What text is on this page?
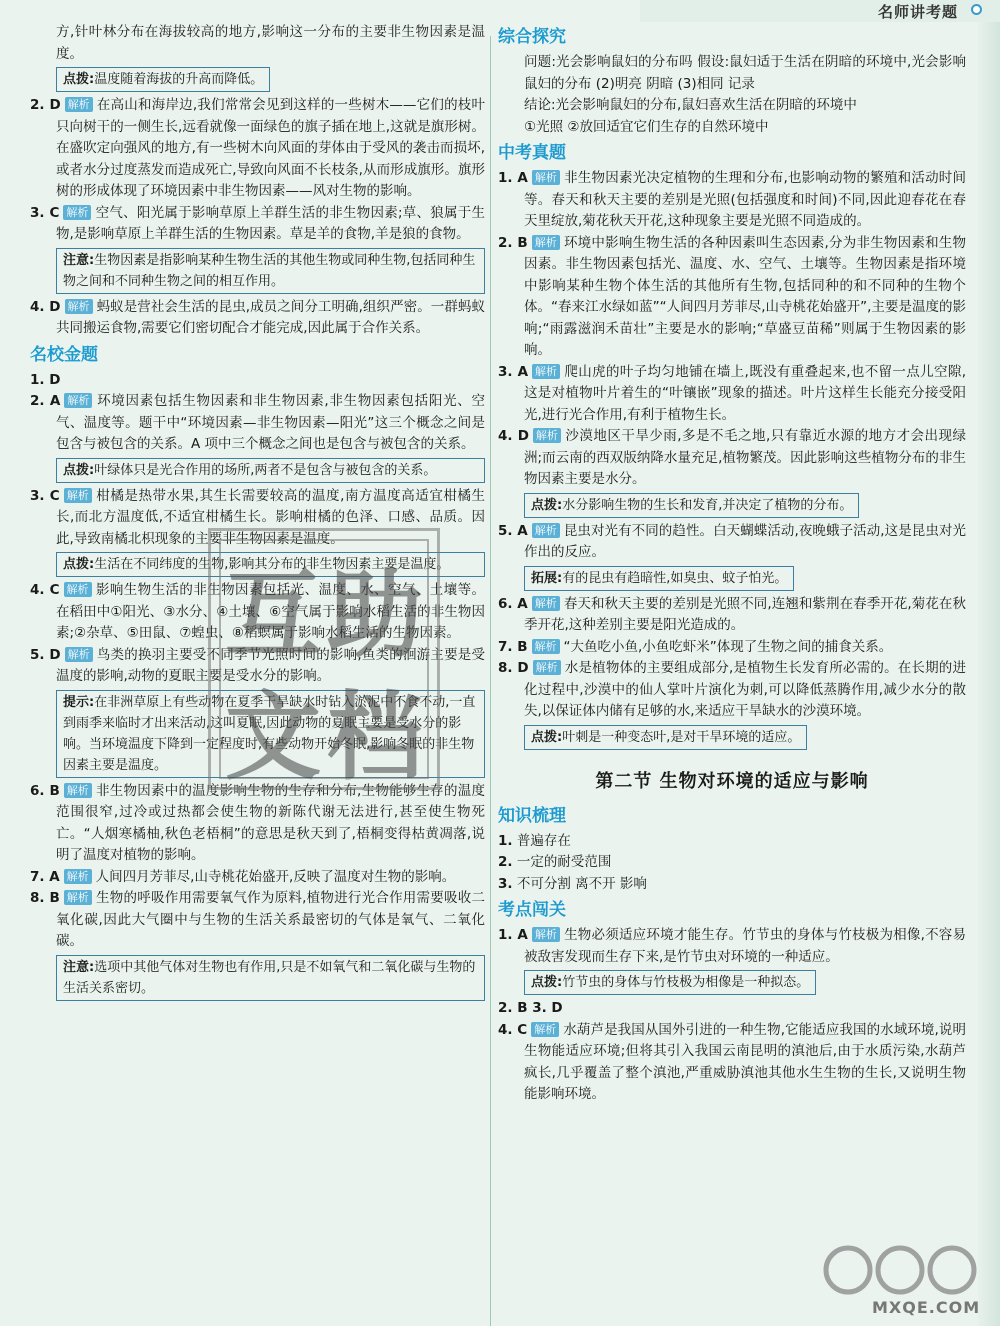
名师讲考题

方,针叶林分布在海拔较高的地方,影响这一分布的主要非生物因素是温度。

点拨:温度随着海拔的升高而降低。

2. D 解析 在高山和海岸边,我们常常会见到这样的一些树木——它们的枝叶只向树干的一侧生长,远看就像一面绿色的旗子插在地上,这就是旗形树。在盛吹定向强风的地方,有一些树木向风面的芽体由于受风的袭击而损坏,或者水分过度蒸发而造成死亡,导致向风面不长枝条,从而形成旗形。旗形树的形成体现了环境因素中非生物因素——风对生物的影响。

3. C 解析 空气、阳光属于影响草原上羊群生活的非生物因素;草、狼属于生物,是影响草原上羊群生活的生物因素。草是羊的食物,羊是狼的食物。

注意:生物因素是指影响某种生物生活的其他生物或同种生物,包括同种生物之间和不同种生物之间的相互作用。

4. D 解析 蚂蚁是营社会生活的昆虫,成员之间分工明确,组织严密。一群蚂蚁共同搬运食物,需要它们密切配合才能完成,因此属于合作关系。

名校金题

1. D

2. A 解析 环境因素包括生物因素和非生物因素,非生物因素包括阳光、空气、温度等。题干中“环境因素—非生物因素—阳光”这三个概念之间是包含与被包含的关系。A 项中三个概念之间也是包含与被包含的关系。

点拨:叶绿体只是光合作用的场所,两者不是包含与被包含的关系。

3. C 解析 柑橘是热带水果,其生长需要较高的温度,南方温度高适宜柑橘生长,而北方温度低,不适宜柑橘生长。影响柑橘的色泽、口感、品质。因此,导致南橘北枳现象的主要非生物因素是温度。

点拨:生活在不同纬度的生物,影响其分布的非生物因素主要是温度。

4. C 解析 影响生物生活的非生物因素包括光、温度、水、空气、土壤等。在稻田中①阳光、③水分、④土壤、⑥空气属于影响水稻生活的非生物因素;②杂草、⑤田鼠、⑦蝗虫、⑧稻螟属于影响水稻生活的生物因素。

5. D 解析 鸟类的换羽主要受不同季节光照时间的影响,鱼类的洄游主要是受温度的影响,动物的夏眠主要是受水分的影响。

提示:在非洲草原上有些动物在夏季干旱缺水时钻入淤泥中不食不动,一直到雨季来临时才出来活动,这叫夏眠,因此动物的夏眠主要是受水分的影响。当环境温度下降到一定程度时,有些动物开始冬眠,影响冬眠的非生物因素主要是温度。

6. B 解析 非生物因素中的温度影响生物的生存和分布,生物能够生存的温度范围很窄,过冷或过热都会使生物的新陈代谢无法进行,甚至使生物死亡。“人烟寒橘柚,秋色老梧桐”的意思是秋天到了,梧桐变得枯黄凋落,说明了温度对植物的影响。

7. A 解析 人间四月芳菲尽,山寺桃花始盛开,反映了温度对生物的影响。

8. B 解析 生物的呼吸作用需要氧气作为原料,植物进行光合作用需要吸收二氧化碳,因此大气圈中与生物的生活关系最密切的气体是氧气、二氧化碳。

注意:选项中其他气体对生物也有作用,只是不如氧气和二氧化碳与生物的生活关系密切。
综合探究

问题:光会影响鼠妇的分布吗 假设:鼠妇适于生活在阴暗的环境中,光会影响鼠妇的分布 (2)明亮 阴暗 (3)相同 记录

结论:光会影响鼠妇的分布,鼠妇喜欢生活在阴暗的环境中

①光照 ②放回适宜它们生存的自然环境中

中考真题

1. A 解析 非生物因素光决定植物的生理和分布,也影响动物的繁殖和活动时间等。春天和秋天主要的差别是光照(包括强度和时间)不同,因此迎春花在春天里绽放,菊花秋天开花,这种现象主要是光照不同造成的。

2. B 解析 环境中影响生物生活的各种因素叫生态因素,分为非生物因素和生物因素。非生物因素包括光、温度、水、空气、土壤等。生物因素是指环境中影响某种生物个体生活的其他所有生物,包括同种的和不同种的生物个体。“春来江水绿如蓝”“人间四月芳菲尽,山寺桃花始盛开”,主要是温度的影响;“雨露滋润禾苗壮”主要是水的影响;“草盛豆苗稀”则属于生物因素的影响。

3. A 解析 爬山虎的叶子均匀地铺在墙上,既没有重叠起来,也不留一点儿空隙,这是对植物叶片着生的“叶镶嵌”现象的描述。叶片这样生长能充分接受阳光,进行光合作用,有利于植物生长。

4. D 解析 沙漠地区干旱少雨,多是不毛之地,只有靠近水源的地方才会出现绿洲;而云南的西双版纳降水量充足,植物繁茂。因此影响这些植物分布的非生物因素主要是水分。

点拨:水分影响生物的生长和发育,并决定了植物的分布。

5. A 解析 昆虫对光有不同的趋性。白天蝴蝶活动,夜晚蛾子活动,这是昆虫对光作出的反应。

拓展:有的昆虫有趋暗性,如臭虫、蚊子怕光。

6. A 解析 春天和秋天主要的差别是光照不同,连翘和紫荆在春季开花,菊花在秋季开花,这种差别主要是阳光造成的。

7. B 解析 “大鱼吃小鱼,小鱼吃虾米”体现了生物之间的捕食关系。

8. D 解析 水是植物体的主要组成部分,是植物生长发育所必需的。在长期的进化过程中,沙漠中的仙人掌叶片演化为刺,可以降低蒸腾作用,减少水分的散失,以保证体内储有足够的水,来适应干旱缺水的沙漠环境。

点拨:叶刺是一种变态叶,是对干旱环境的适应。
第二节 生物对环境的适应与影响
知识梳理

1. 普遍存在

2. 一定的耐受范围

3. 不可分割 离不开 影响

考点闯关

1. A 解析 生物必须适应环境才能生存。竹节虫的身体与竹枝极为相像,不容易被敌害发现而生存下来,是竹节虫对环境的一种适应。

点拨:竹节虫的身体与竹枝极为相像是一种拟态。

2. B 3. D

4. C 解析 水葫芦是我国从国外引进的一种生物,它能适应我国的水域环境,说明生物能适应环境;但将其引入我国云南昆明的滇池后,由于水质污染,水葫芦疯长,几乎覆盖了整个滇池,严重威胁滇池其他水生生物的生长,又说明生物能影响环境。

互 助
文 档
MXQE.COM
